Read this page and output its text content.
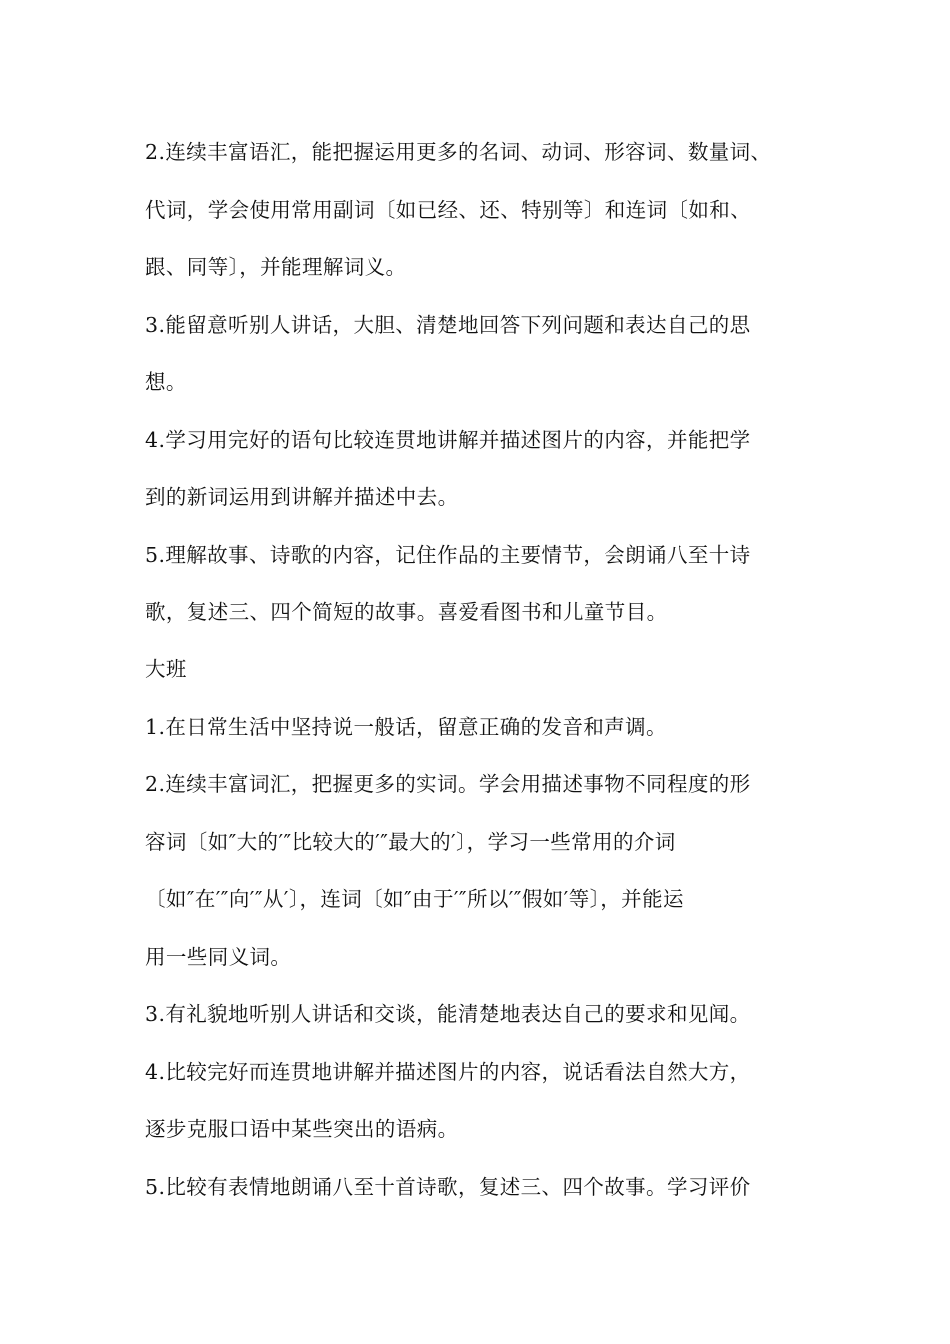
2.连续丰富语汇，能把握运用更多的名词、动词、形容词、数量词、
代词，学会使用常用副词〔如已经、还、特别等〕和连词〔如和、
跟、同等〕，并能理解词义。
3.能留意听别人讲话，大胆、清楚地回答下列问题和表达自己的思
想。
4.学习用完好的语句比较连贯地讲解并描述图片的内容，并能把学
到的新词运用到讲解并描述中去。
5.理解故事、诗歌的内容，记住作品的主要情节，会朗诵八至十诗
歌，复述三、四个简短的故事。喜爱看图书和儿童节目。
大班
1.在日常生活中坚持说一般话，留意正确的发音和声调。
2.连续丰富词汇，把握更多的实词。学会用描述事物不同程度的形
容词〔如″大的′″比较大的′″最大的′〕，学习一些常用的介词
〔如″在′″向′″从′〕，连词〔如″由于′″所以′″假如′等〕，并能运
用一些同义词。
3.有礼貌地听别人讲话和交谈，能清楚地表达自己的要求和见闻。
4.比较完好而连贯地讲解并描述图片的内容，说话看法自然大方，
逐步克服口语中某些突出的语病。
5.比较有表情地朗诵八至十首诗歌，复述三、四个故事。学习评价
